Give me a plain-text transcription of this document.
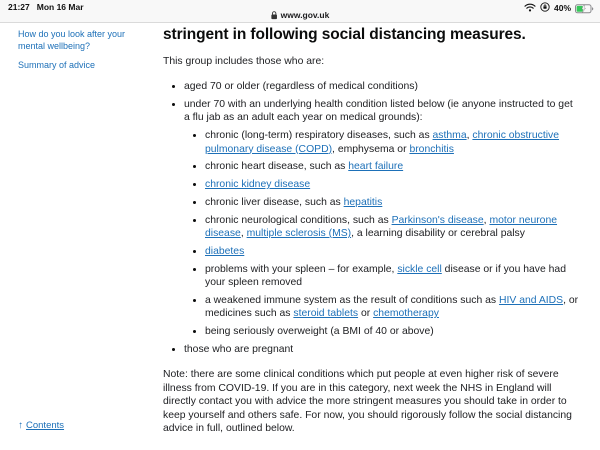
21:27 Mon 16 Mar
www.gov.uk
40%
How do you look after your mental wellbeing?
Summary of advice
stringent in following social distancing measures.

This group includes those who are:

• aged 70 or older (regardless of medical conditions)
• under 70 with an underlying health condition listed below (ie anyone instructed to get a flu jab as an adult each year on medical grounds):
• chronic (long-term) respiratory diseases, such as asthma, chronic obstructive pulmonary disease (COPD), emphysema or bronchitis
• chronic heart disease, such as heart failure
• chronic kidney disease
• chronic liver disease, such as hepatitis
• chronic neurological conditions, such as Parkinson's disease, motor neurone disease, multiple sclerosis (MS), a learning disability or cerebral palsy
• diabetes
• problems with your spleen – for example, sickle cell disease or if you have had your spleen removed
• a weakened immune system as the result of conditions such as HIV and AIDS, or medicines such as steroid tablets or chemotherapy
• being seriously overweight (a BMI of 40 or above)
• those who are pregnant

Note: there are some clinical conditions which put people at even higher risk of severe illness from COVID-19. If you are in this category, next week the NHS in England will directly contact you with advice the more stringent measures you should take in order to keep yourself and others safe. For now, you should rigorously follow the social distancing advice in full, outlined below.

↑ Contents
